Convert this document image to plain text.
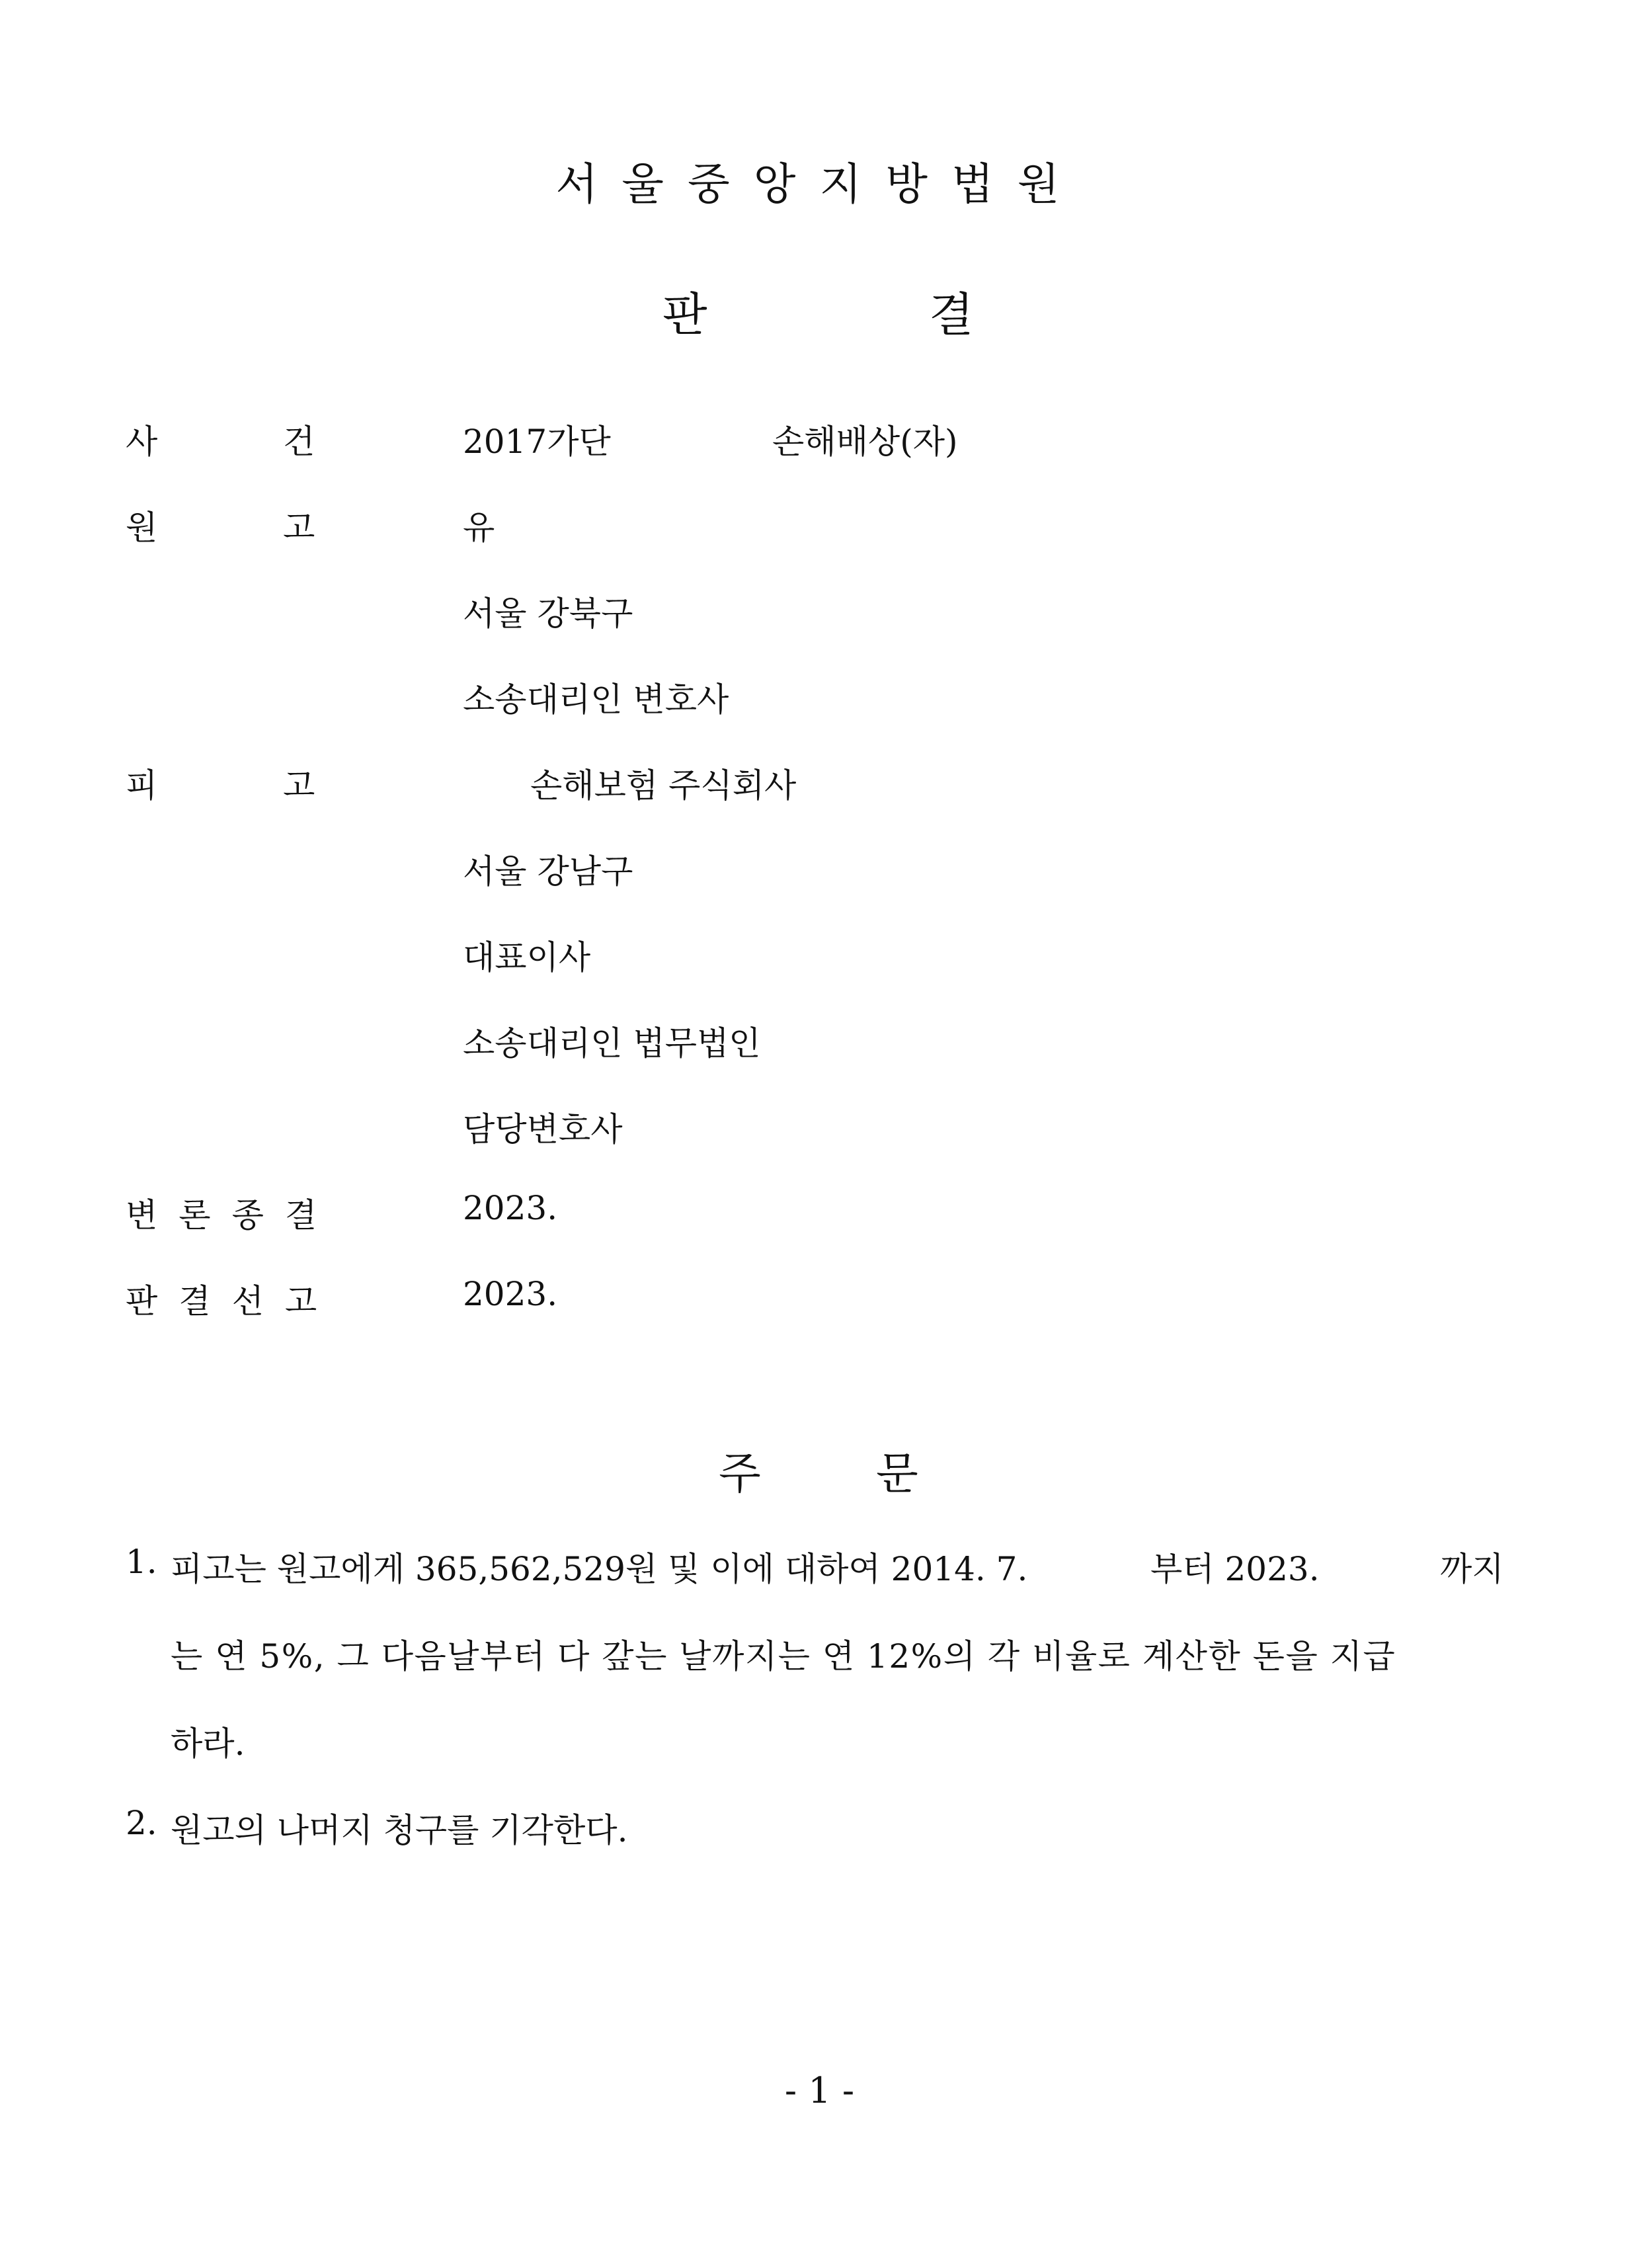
서울중앙지방법원
판	결
사	건	2017가단	손해배상(자)
원	고	유
서울 강북구
소송대리인 변호사
피	고	손해보험 주식회사
서울 강남구
대표이사
소송대리인 법무법인
담당변호사
변론종결	2023.
판결선고	2023.
주	문
1. 피고는 원고에게 365,562,529원 및 이에 대하여 2014. 7.	부터 2023.	까지
는 연 5%, 그 다음날부터 다 갚는 날까지는 연 12%의 각 비율로 계산한 돈을 지급
하라.
2. 원고의 나머지 청구를 기각한다.
- 1 -
